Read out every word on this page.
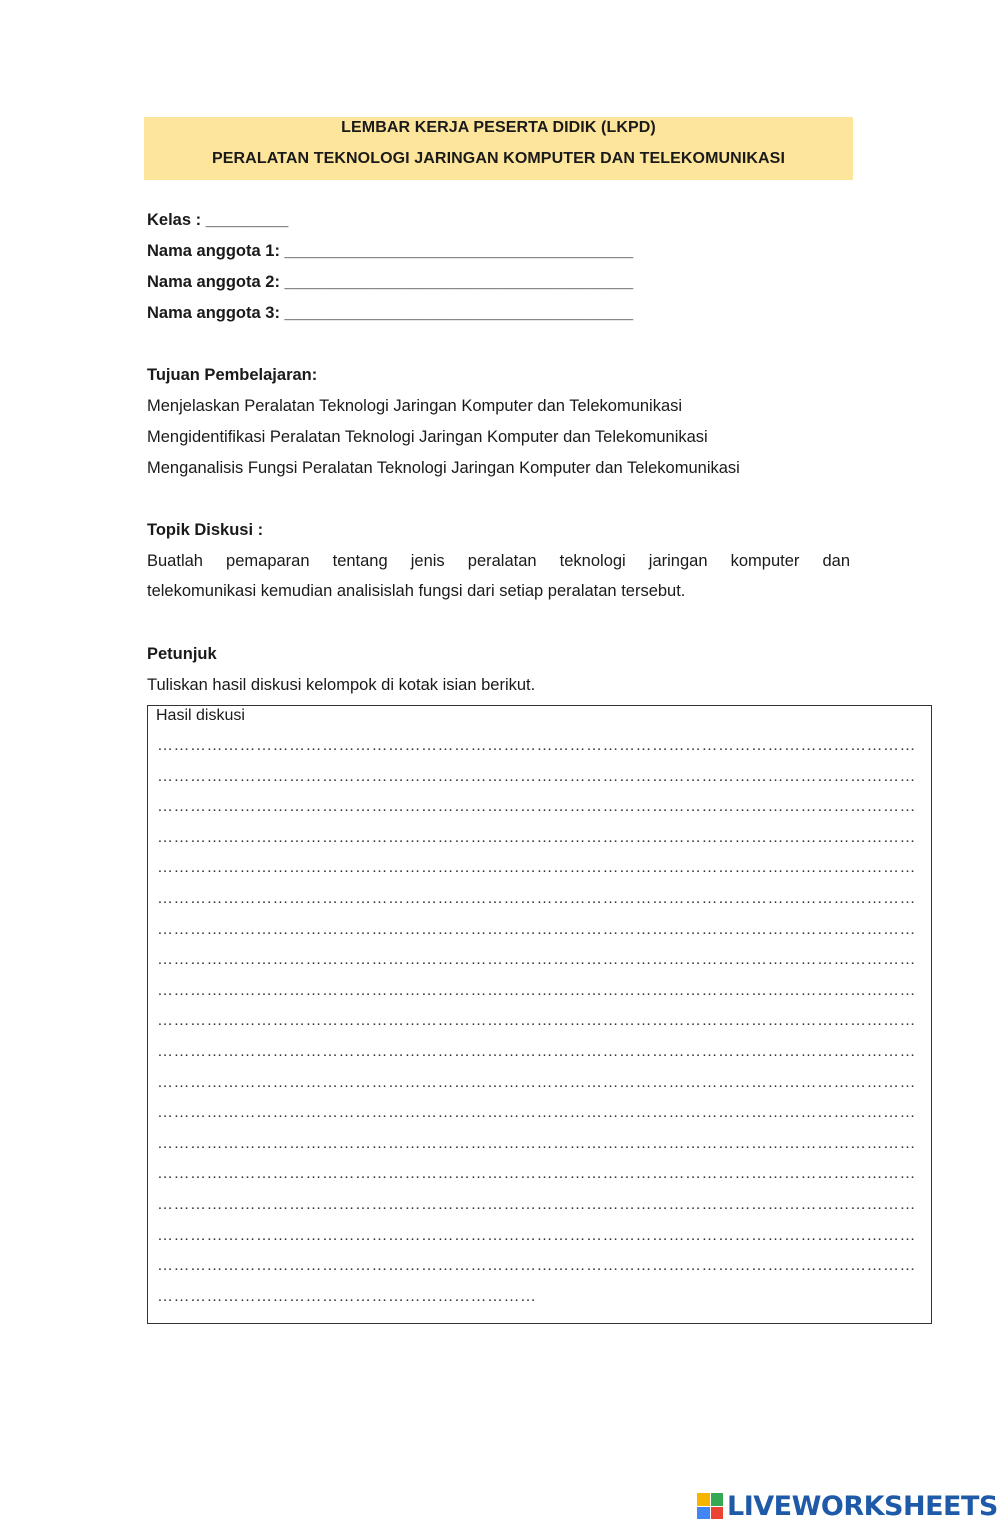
LEMBAR KERJA PESERTA DIDIK (LKPD)
PERALATAN TEKNOLOGI JARINGAN KOMPUTER DAN TELEKOMUNIKASI
Kelas : _________
Nama anggota 1: ______________________________________
Nama anggota 2: ______________________________________
Nama anggota 3: ______________________________________
Tujuan Pembelajaran:
Menjelaskan Peralatan Teknologi Jaringan Komputer dan Telekomunikasi
Mengidentifikasi Peralatan Teknologi Jaringan Komputer dan Telekomunikasi
Menganalisis Fungsi Peralatan Teknologi Jaringan Komputer dan Telekomunikasi
Topik Diskusi :
Buatlah pemaparan tentang jenis peralatan teknologi jaringan komputer dan
telekomunikasi kemudian analisislah fungsi dari setiap peralatan tersebut.
Petunjuk
Tuliskan hasil diskusi kelompok di kotak isian berikut.
Hasil diskusi
…………………………………………………………………………………………………………………………
…………………………………………………………………………………………………………………………
…………………………………………………………………………………………………………………………
…………………………………………………………………………………………………………………………
…………………………………………………………………………………………………………………………
…………………………………………………………………………………………………………………………
…………………………………………………………………………………………………………………………
…………………………………………………………………………………………………………………………
…………………………………………………………………………………………………………………………
…………………………………………………………………………………………………………………………
…………………………………………………………………………………………………………………………
…………………………………………………………………………………………………………………………
…………………………………………………………………………………………………………………………
…………………………………………………………………………………………………………………………
…………………………………………………………………………………………………………………………
…………………………………………………………………………………………………………………………
…………………………………………………………………………………………………………………………
…………………………………………………………………………………………………………………………
……………………………………………………………
LIVEWORKSHEETS
